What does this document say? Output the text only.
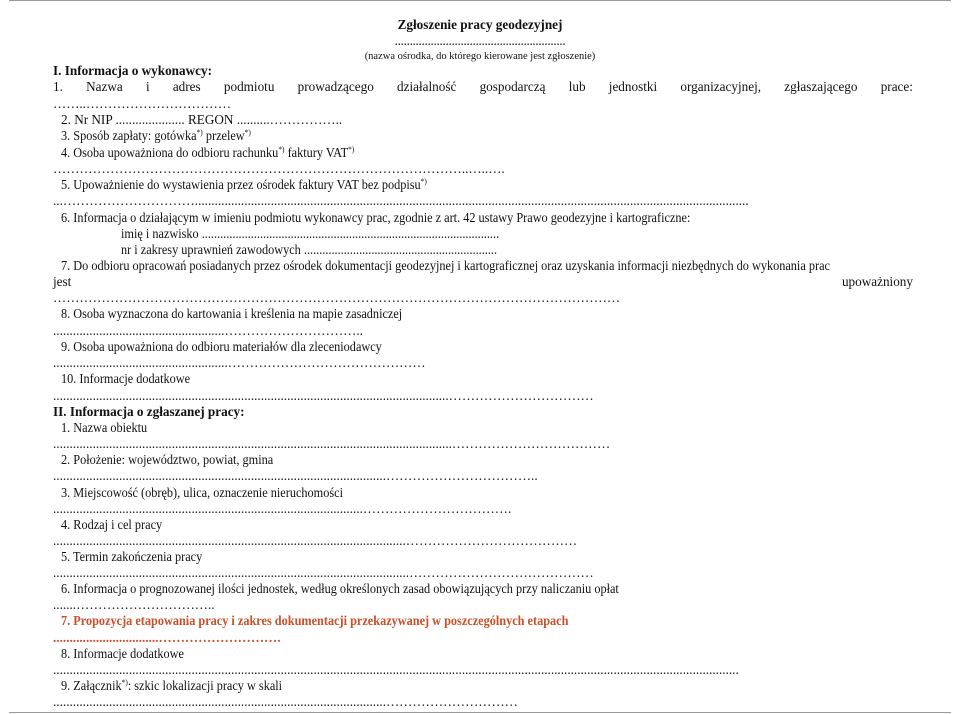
Zgłoszenie pracy geodezyjnej
.........................................................
(nazwa ośrodka, do którego kierowane jest zgłoszenie)
I. Informacja o wykonawcy:
1. Nazwa i adres podmiotu prowadzącego działalność gospodarczą lub jednostki organizacyjnej, zgłaszającego prace:
……..……………………………
2. Nr NIP ..................... REGON ..........……………..
3. Sposób zapłaty: gotówka*) przelew*)
4. Osoba upoważniona do odbioru rachunku*) faktury VAT*)
…………………………………………………………………………………..…..….
5. Upoważnienie do wystawienia przez ośrodek faktury VAT bez podpisu*)
...…………………………........................................................................................................................................................................
6. Informacja o działającym w imieniu podmiotu wykonawcy prac, zgodnie z art. 42 ustawy Prawo geodezyjne i kartograficzne:
imię i nazwisko .................................................................................................
nr i zakresy uprawnień zawodowych ...............................................................
7. Do odbioru opracowań posiadanych przez ośrodek dokumentacji geodezyjnej i kartograficznej oraz uzyskania informacji niezbędnych do wykonania prac
jest	upoważniony
…………………………………………………………………………………………………………………
8. Osoba wyznaczona do kartowania i kreślenia na mapie zasadniczej
....................................................…………………………..
9. Osoba upoważniona do odbioru materiałów dla zleceniodawcy
.....................................................………………………………………
10. Informacje dodatkowe
........................................................................................................................……………………………
II. Informacja o zgłaszanej pracy:
1. Nazwa obiektu
.........................................................................................................................………………………………
2. Położenie: województwo, powiat, gmina
.....................................................................................................……………………………..
3. Miejscowość (obręb), ulica, oznaczenie nieruchomości
..............................................................................................…………………………….
4. Rodzaj i cel pracy
...........................................................................................................…………………………………
5. Termin zakończenia pracy
............................................................................................................……………………………………
6. Informacja o prognozowanej ilości jednostek, według określonych zasad obowiązujących przy naliczaniu opłat
.......…………………………..
7. Propozycja etapowania pracy i zakres dokumentacji przekazywanej w poszczególnych etapach
................................……………………….
8. Informacje dodatkowe
................................................................................................................................................................................................................
9. Załącznik*): szkic lokalizacji pracy w skali
.....................................................................................................…………………………
